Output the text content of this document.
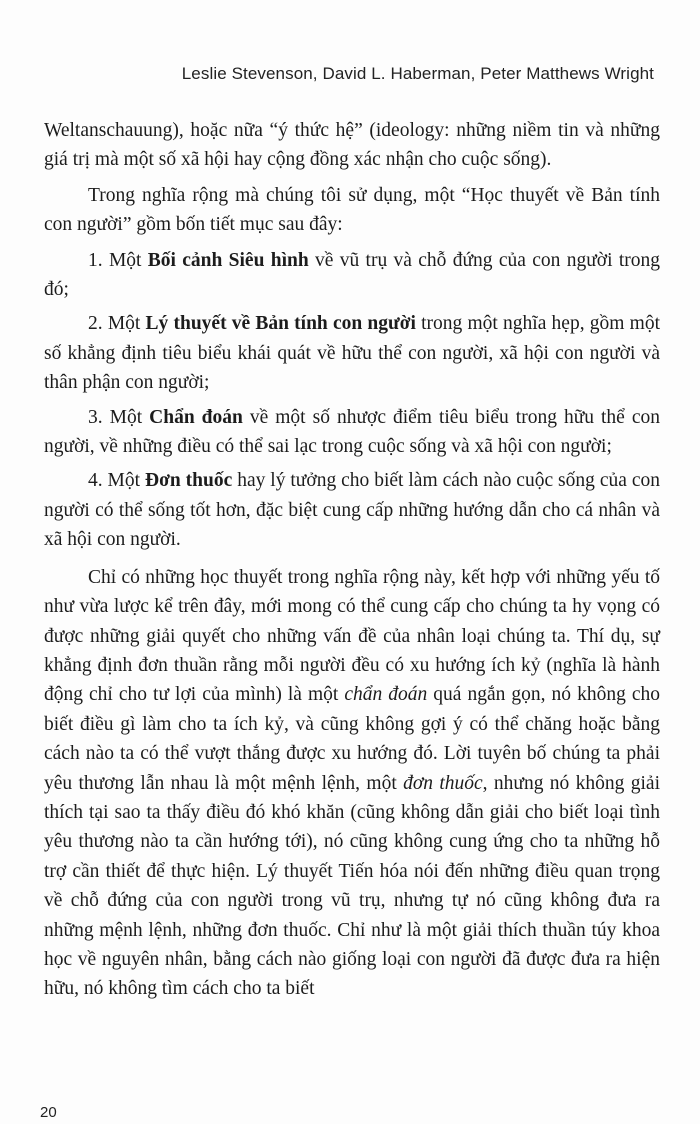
Leslie Stevenson, David L. Haberman, Peter Matthews Wright

Weltanschauung), hoặc nữa “ý thức hệ” (ideology: những niềm tin và những giá trị mà một số xã hội hay cộng đồng xác nhận cho cuộc sống).

Trong nghĩa rộng mà chúng tôi sử dụng, một “Học thuyết về Bản tính con người” gồm bốn tiết mục sau đây:

1. Một Bối cảnh Siêu hình về vũ trụ và chỗ đứng của con người trong đó;

2. Một Lý thuyết về Bản tính con người trong một nghĩa hẹp, gồm một số khẳng định tiêu biểu khái quát về hữu thể con người, xã hội con người và thân phận con người;

3. Một Chẩn đoán về một số nhược điểm tiêu biểu trong hữu thể con người, về những điều có thể sai lạc trong cuộc sống và xã hội con người;

4. Một Đơn thuốc hay lý tưởng cho biết làm cách nào cuộc sống của con người có thể sống tốt hơn, đặc biệt cung cấp những hướng dẫn cho cá nhân và xã hội con người.

Chỉ có những học thuyết trong nghĩa rộng này, kết hợp với những yếu tố như vừa lược kể trên đây, mới mong có thể cung cấp cho chúng ta hy vọng có được những giải quyết cho những vấn đề của nhân loại chúng ta. Thí dụ, sự khẳng định đơn thuần rằng mỗi người đều có xu hướng ích kỷ (nghĩa là hành động chỉ cho tư lợi của mình) là một chẩn đoán quá ngắn gọn, nó không cho biết điều gì làm cho ta ích kỷ, và cũng không gợi ý có thể chăng hoặc bằng cách nào ta có thể vượt thắng được xu hướng đó. Lời tuyên bố chúng ta phải yêu thương lẫn nhau là một mệnh lệnh, một đơn thuốc, nhưng nó không giải thích tại sao ta thấy điều đó khó khăn (cũng không dẫn giải cho biết loại tình yêu thương nào ta cần hướng tới), nó cũng không cung ứng cho ta những hỗ trợ cần thiết để thực hiện. Lý thuyết Tiến hóa nói đến những điều quan trọng về chỗ đứng của con người trong vũ trụ, nhưng tự nó cũng không đưa ra những mệnh lệnh, những đơn thuốc. Chỉ như là một giải thích thuần túy khoa học về nguyên nhân, bằng cách nào giống loại con người đã được đưa ra hiện hữu, nó không tìm cách cho ta biết

20
